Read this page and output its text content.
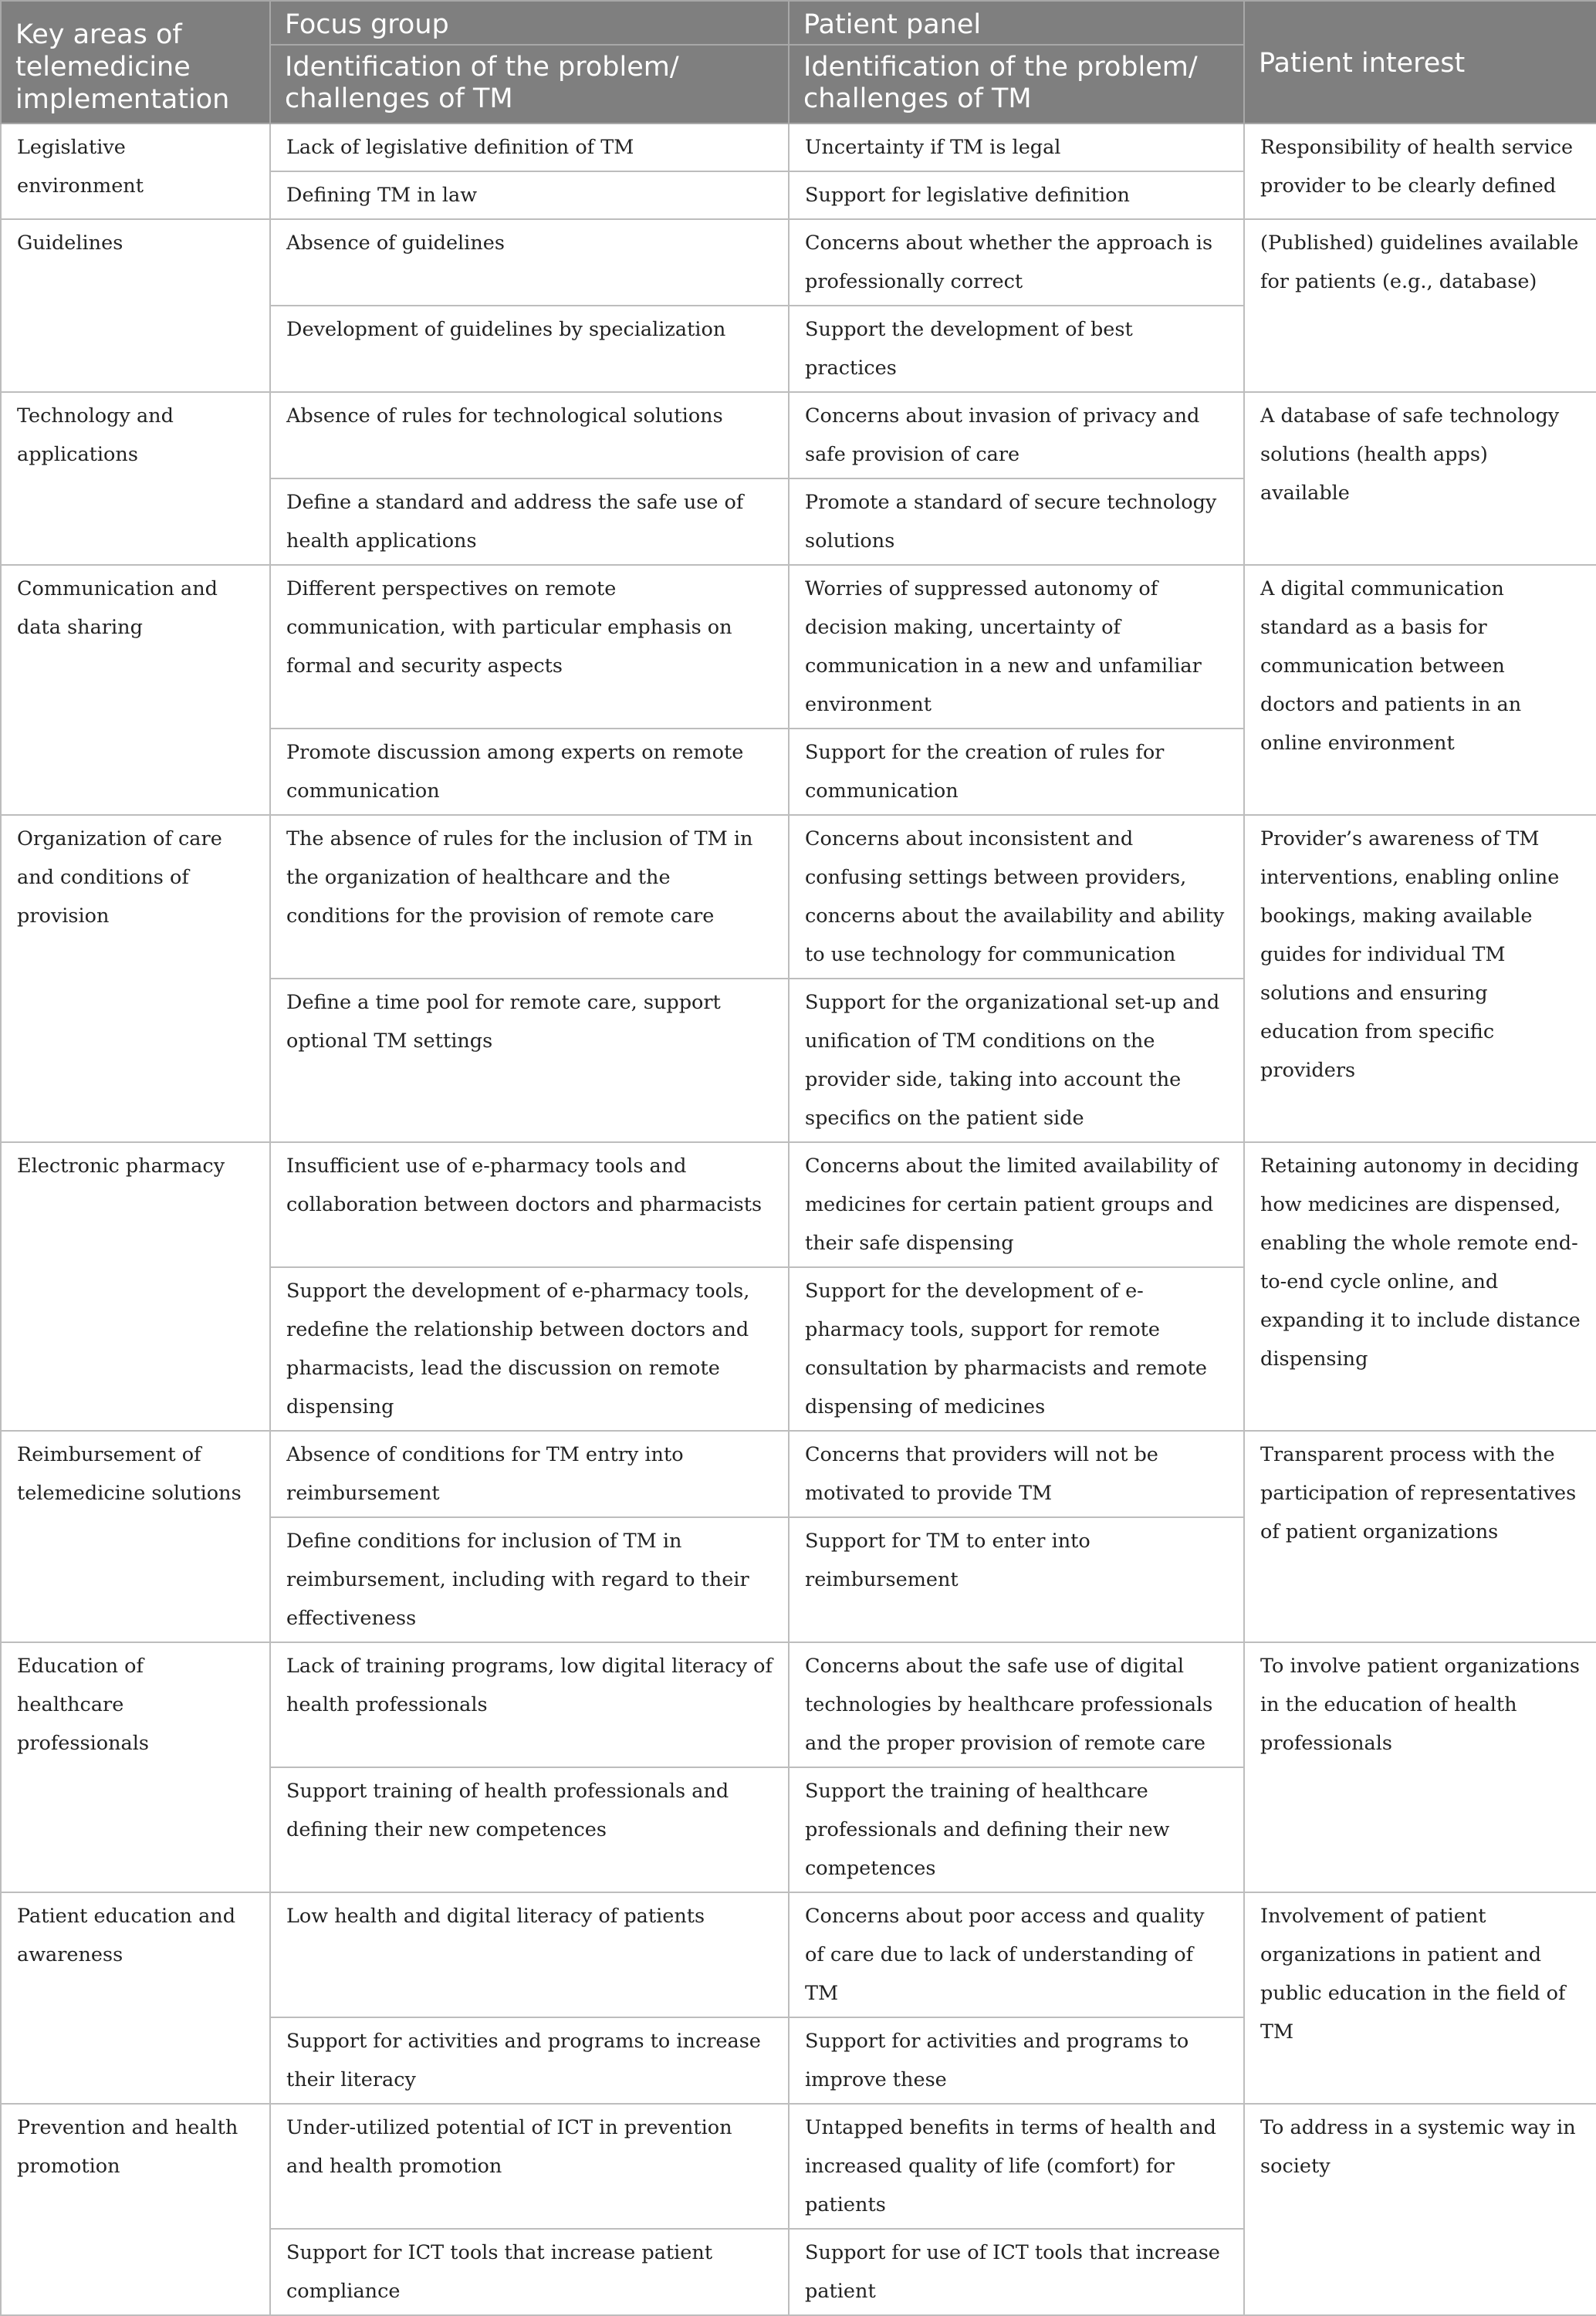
Key areas of telemedicine implementation	Focus group	Patient panel	Patient interest
	Identification of the problem/ challenges of TM	Identification of the problem/ challenges of TM	
Legislative environment	Lack of legislative definition of TM	Uncertainty if TM is legal	Responsibility of health service provider to be clearly defined
	Defining TM in law	Support for legislative definition	
Guidelines	Absence of guidelines	Concerns about whether the approach is professionally correct	(Published) guidelines available for patients (e.g., database)
	Development of guidelines by specialization	Support the development of best practices	
Technology and applications	Absence of rules for technological solutions	Concerns about invasion of privacy and safe provision of care	A database of safe technology solutions (health apps) available
	Define a standard and address the safe use of health applications	Promote a standard of secure technology solutions	
Communication and data sharing	Different perspectives on remote communication, with particular emphasis on formal and security aspects	Worries of suppressed autonomy of decision making, uncertainty of communication in a new and unfamiliar environment	A digital communication standard as a basis for communication between doctors and patients in an online environment
	Promote discussion among experts on remote communication	Support for the creation of rules for communication	
Organization of care and conditions of provision	The absence of rules for the inclusion of TM in the organization of healthcare and the conditions for the provision of remote care	Concerns about inconsistent and confusing settings between providers, concerns about the availability and ability to use technology for communication	Provider’s awareness of TM interventions, enabling online bookings, making available guides for individual TM solutions and ensuring education from specific providers
	Define a time pool for remote care, support optional TM settings	Support for the organizational set-up and unification of TM conditions on the provider side, taking into account the specifics on the patient side	
Electronic pharmacy	Insufficient use of e-pharmacy tools and collaboration between doctors and pharmacists	Concerns about the limited availability of medicines for certain patient groups and their safe dispensing	Retaining autonomy in deciding how medicines are dispensed, enabling the whole remote end-to-end cycle online, and expanding it to include distance dispensing
	Support the development of e-pharmacy tools, redefine the relationship between doctors and pharmacists, lead the discussion on remote dispensing	Support for the development of e-pharmacy tools, support for remote consultation by pharmacists and remote dispensing of medicines	
Reimbursement of telemedicine solutions	Absence of conditions for TM entry into reimbursement	Concerns that providers will not be motivated to provide TM	Transparent process with the participation of representatives of patient organizations
	Define conditions for inclusion of TM in reimbursement, including with regard to their effectiveness	Support for TM to enter into reimbursement	
Education of healthcare professionals	Lack of training programs, low digital literacy of health professionals	Concerns about the safe use of digital technologies by healthcare professionals and the proper provision of remote care	To involve patient organizations in the education of health professionals
	Support training of health professionals and defining their new competences	Support the training of healthcare professionals and defining their new competences	
Patient education and awareness	Low health and digital literacy of patients	Concerns about poor access and quality of care due to lack of understanding of TM	Involvement of patient organizations in patient and public education in the field of TM
	Support for activities and programs to increase their literacy	Support for activities and programs to improve these	
Prevention and health promotion	Under-utilized potential of ICT in prevention and health promotion	Untapped benefits in terms of health and increased quality of life (comfort) for patients	To address in a systemic way in society
	Support for ICT tools that increase patient compliance	Support for use of ICT tools that increase patient	
